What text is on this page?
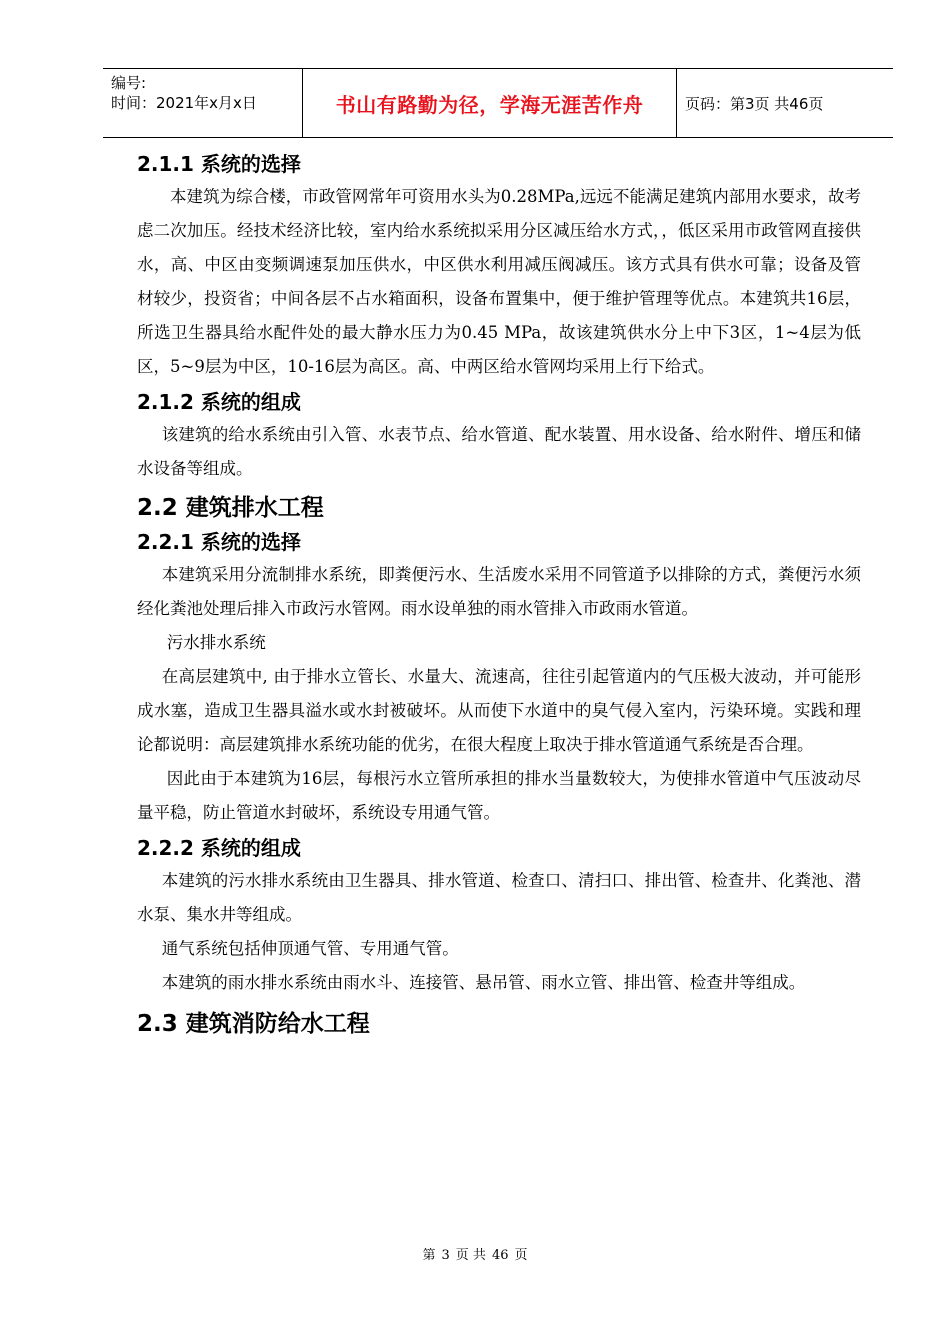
编号:
时间：2021年x月x日	书山有路勤为径，学海无涯苦作舟	页码：第3页 共46页
2.1.1 系统的选择

本建筑为综合楼，市政管网常年可资用水头为0.28MPa,远远不能满足建筑内部用水要求，故考虑二次加压。经技术经济比较，室内给水系统拟采用分区减压给水方式，，低区采用市政管网直接供水，高、中区由变频调速泵加压供水，中区供水利用减压阀减压。该方式具有供水可靠；设备及管材较少，投资省；中间各层不占水箱面积，设备布置集中，便于维护管理等优点。本建筑共16层，所选卫生器具给水配件处的最大静水压力为0.45 MPa，故该建筑供水分上中下3区，1~4层为低区，5~9层为中区，10-16层为高区。高、中两区给水管网均采用上行下给式。

2.1.2 系统的组成

该建筑的给水系统由引入管、水表节点、给水管道、配水装置、用水设备、给水附件、增压和储水设备等组成。

2.2 建筑排水工程
2.2.1 系统的选择

本建筑采用分流制排水系统，即粪便污水、生活废水采用不同管道予以排除的方式，粪便污水须经化粪池处理后排入市政污水管网。雨水设单独的雨水管排入市政雨水管道。

污水排水系统

在高层建筑中, 由于排水立管长、水量大、流速高，往往引起管道内的气压极大波动，并可能形成水塞，造成卫生器具溢水或水封被破坏。从而使下水道中的臭气侵入室内，污染环境。实践和理论都说明：高层建筑排水系统功能的优劣，在很大程度上取决于排水管道通气系统是否合理。

因此由于本建筑为16层，每根污水立管所承担的排水当量数较大，为使排水管道中气压波动尽量平稳，防止管道水封破坏，系统设专用通气管。

2.2.2 系统的组成

本建筑的污水排水系统由卫生器具、排水管道、检查口、清扫口、排出管、检查井、化粪池、潜水泵、集水井等组成。

通气系统包括伸顶通气管、专用通气管。

本建筑的雨水排水系统由雨水斗、连接管、悬吊管、雨水立管、排出管、检查井等组成。

2.3 建筑消防给水工程
第 3 页 共 46 页
